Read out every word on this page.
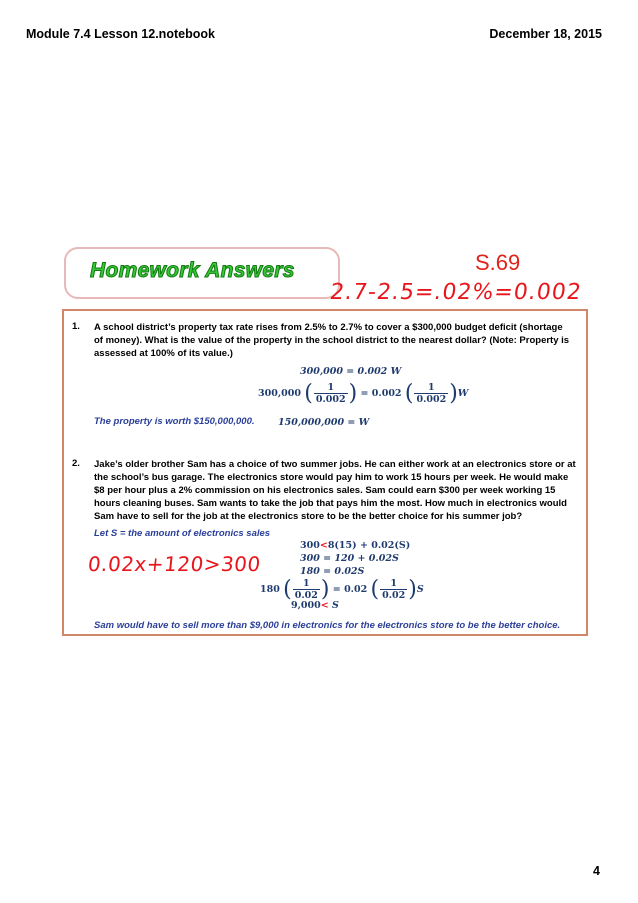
Module 7.4 Lesson 12.notebook	December 18, 2015
Homework Answers	S.69
2.7-2.5=.02%=0.002
1. A school district’s property tax rate rises from 2.5% to 2.7% to cover a $300,000 budget deficit (shortage of money). What is the value of the property in the school district to the nearest dollar? (Note: Property is assessed at 100% of its value.)
300,000 = 0.002 W
300,000 ( $\frac{1}{0.002}$ ) = 0.002 ( $\frac{1}{0.002} )W$
150,000,000 = W
The property is worth $150,000,000.
2. Jake’s older brother Sam has a choice of two summer jobs. He can either work at an electronics store or at the school’s bus garage. The electronics store would pay him to work 15 hours per week. He would make $8 per hour plus a 2% commission on his electronics sales. Sam could earn $300 per week working 15 hours cleaning buses. Sam wants to take the job that pays him the most. How much in electronics would Sam have to sell for the job at the electronics store to be the better choice for his summer job?
Let S = the amount of electronics sales
300<8(15) + 0.02(S)
300 = 120 + 0.02S
180 = 0.02S
180 ( $\frac{1}{0.02}$ ) = 0.02 ( $\frac{1}{0.02} )S$
9,000< S
Sam would have to sell more than $9,000 in electronics for the electronics store to be the better choice.
0.02x+120>300
4
